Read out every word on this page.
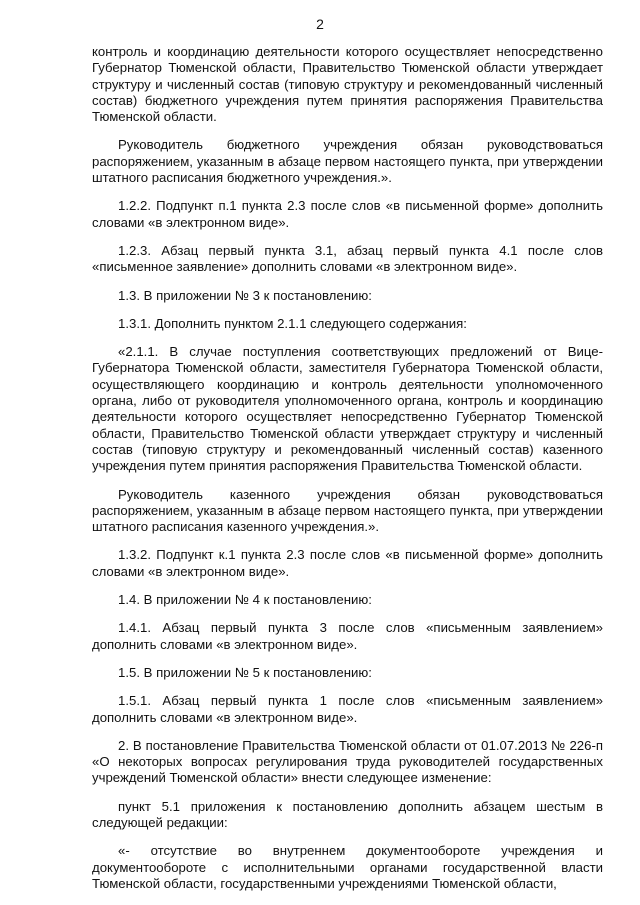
2

контроль и координацию деятельности которого осуществляет непосредственно Губернатор Тюменской области, Правительство Тюменской области утверждает структуру и численный состав (типовую структуру и рекомендованный численный состав) бюджетного учреждения путем принятия распоряжения Правительства Тюменской области.

Руководитель бюджетного учреждения обязан руководствоваться распоряжением, указанным в абзаце первом настоящего пункта, при утверждении штатного расписания бюджетного учреждения.».

1.2.2. Подпункт п.1 пункта 2.3 после слов «в письменной форме» дополнить словами «в электронном виде».

1.2.3. Абзац первый пункта 3.1, абзац первый пункта 4.1 после слов «письменное заявление» дополнить словами «в электронном виде».

1.3. В приложении № 3 к постановлению:

1.3.1. Дополнить пунктом 2.1.1 следующего содержания:

«2.1.1. В случае поступления соответствующих предложений от Вице-Губернатора Тюменской области, заместителя Губернатора Тюменской области, осуществляющего координацию и контроль деятельности уполномоченного органа, либо от руководителя уполномоченного органа, контроль и координацию деятельности которого осуществляет непосредственно Губернатор Тюменской области, Правительство Тюменской области утверждает структуру и численный состав (типовую структуру и рекомендованный численный состав) казенного учреждения путем принятия распоряжения Правительства Тюменской области.

Руководитель казенного учреждения обязан руководствоваться распоряжением, указанным в абзаце первом настоящего пункта, при утверждении штатного расписания казенного учреждения.».

1.3.2. Подпункт к.1 пункта 2.3 после слов «в письменной форме» дополнить словами «в электронном виде».

1.4. В приложении № 4 к постановлению:

1.4.1. Абзац первый пункта 3 после слов «письменным заявлением» дополнить словами «в электронном виде».

1.5. В приложении № 5 к постановлению:

1.5.1. Абзац первый пункта 1 после слов «письменным заявлением» дополнить словами «в электронном виде».

2. В постановление Правительства Тюменской области от 01.07.2013 № 226-п «О некоторых вопросах регулирования труда руководителей государственных учреждений Тюменской области» внести следующее изменение:

пункт 5.1 приложения к постановлению дополнить абзацем шестым в следующей редакции:

«- отсутствие во внутреннем документообороте учреждения и документообороте с исполнительными органами государственной власти Тюменской области, государственными учреждениями Тюменской области,
